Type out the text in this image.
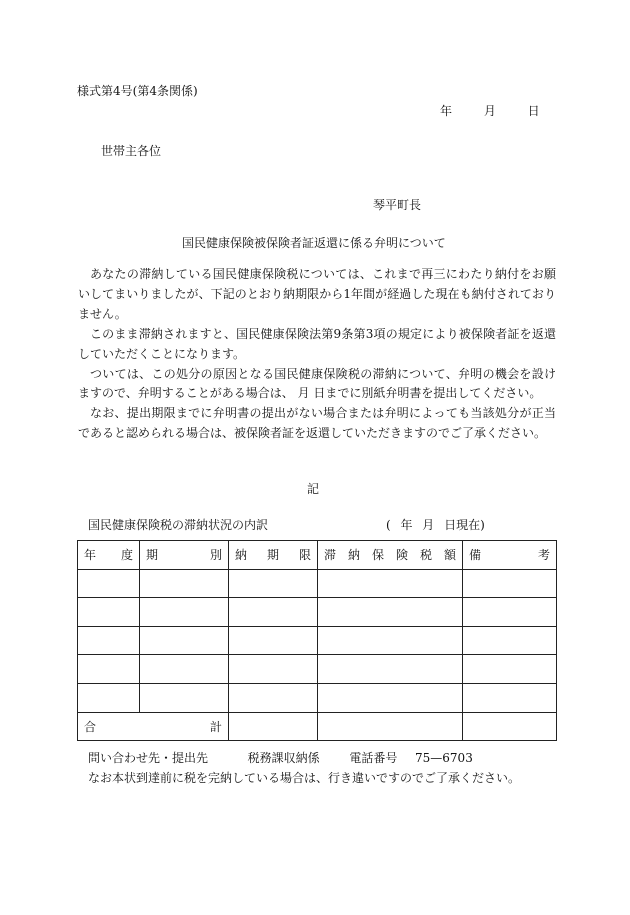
様式第4号(第4条関係)
年 月 日
世帯主各位
琴平町長
国民健康保険被保険者証返還に係る弁明について

あなたの滞納している国民健康保険税については、これまで再三にわたり納付をお願いしてまいりましたが、下記のとおり納期限から1年間が経過した現在も納付されておりません。

このまま滞納されますと、国民健康保険法第9条第3項の規定により被保険者証を返還していただくことになります。

ついては、この処分の原因となる国民健康保険税の滞納について、弁明の機会を設けますので、弁明することがある場合は、 月 日までに別紙弁明書を提出してください。

なお、提出期限までに弁明書の提出がない場合または弁明によっても当該処分が正当であると認められる場合は、被保険者証を返還していただきますのでご了承ください。

記
国民健康保険税の滞納状況の内訳	( 年 月 日現在)
年度	期別	納期限	滞納保険税額	備考

合計				
問い合わせ先・提出先	税務課収納係 電話番号 75—6703
なお本状到達前に税を完納している場合は、行き違いですのでご了承ください。
